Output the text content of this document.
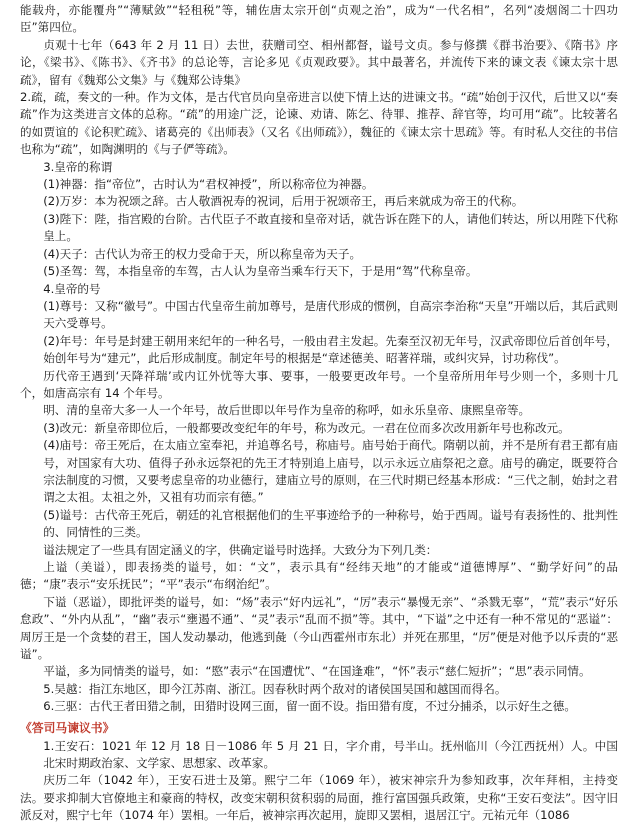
能载舟，亦能覆舟”“薄赋敛”“轻租税”等，辅佐唐太宗开创“贞观之治”，成为“一代名相”，名列“凌烟阁二十四功臣”第四位。

贞观十七年（643 年 2 月 11 日）去世，获赠司空、相州都督，谥号文贞。参与修撰《群书治要》、《隋书》序论，《梁书》、《陈书》、《齐书》的总论等，言论多见《贞观政要》。其中最著名，并流传下来的谏文表《谏太宗十思疏》，留有《魏郑公文集》与《魏郑公诗集》

2.疏，疏，奏文的一种。作为文体，是古代官员向皇帝进言以使下情上达的进谏文书。“疏”始创于汉代，后世又以“奏疏”作为这类进言文体的总称。“疏”的用途广泛，论谏、劝请、陈乞、待罪、推荐、辞官等，均可用“疏”。比较著名的如贾谊的《论积贮疏》、诸葛亮的《出师表》（又名《出师疏》），魏征的《谏太宗十思疏》等。有时私人交往的书信也称为“疏”，如陶渊明的《与子俨等疏》。

3.皇帝的称谓

(1)神器：指“帝位”，古时认为“君权神授”，所以称帝位为神器。

(2)万岁：本为祝颂之辞。古人敬酒祝寿的祝词，后用于祝颂帝王，再后来就成为帝王的代称。

(3)陛下：陛，指宫殿的台阶。古代臣子不敢直接和皇帝对话，就告诉在陛下的人，请他们转达，所以用陛下代称皇上。

(4)天子：古代认为帝王的权力受命于天，所以称皇帝为天子。

(5)圣驾：驾，本指皇帝的车驾，古人认为皇帝当乘车行天下，于是用“驾”代称皇帝。

4.皇帝的号

(1)尊号：又称“徽号”。中国古代皇帝生前加尊号，是唐代形成的惯例，自高宗李治称“天皇”开端以后，其后武则天六受尊号。

(2)年号：年号是封建王朝用来纪年的一种名号，一般由君主发起。先秦至汉初无年号，汉武帝即位后首创年号，始创年号为“建元”，此后形成制度。制定年号的根据是“章述德美、昭著祥瑞，或纠灾异，讨功称伐”。

历代帝王遇到‘天降祥瑞’或内讧外忧等大事、要事，一般要更改年号。一个皇帝所用年号少则一个，多则十几个，如唐高宗有 14 个年号。

明、清的皇帝大多一人一个年号，故后世即以年号作为皇帝的称呼，如永乐皇帝、康熙皇帝等。

(3)改元：新皇帝即位后，一般都要改变纪年的年号，称为改元。一君在位而多次改用新年号也称改元。

(4)庙号：帝王死后，在太庙立室奉祀，并追尊名号，称庙号。庙号始于商代。隋朝以前，并不是所有君王都有庙号，对国家有大功、值得子孙永远祭祀的先王才特别追上庙号，以示永远立庙祭祀之意。庙号的确定，既要符合宗法制度的习惯，又要考虑皇帝的功业德行，建庙立号的原则，在三代时期已经基本形成：“三代之制，始封之君谓之太祖。太祖之外，又祖有功而宗有德。”

(5)谥号：古代帝王死后，朝廷的礼官根据他们的生平事迹给予的一种称号，始于西周。谥号有表扬性的、批判性的、同情性的三类。

谥法规定了一些具有固定涵义的字，供确定谥号时选择。大致分为下列几类：

上谥（美谥），即表扬类的谥号，如：“文”，表示具有“经纬天地”的才能或“道德博厚”、“勤学好问”的品德；“康”表示“安乐抚民”；“平”表示“布纲治纪”。

下谥（恶谥），即批评类的谥号，如：“炀”表示“好内远礼”，“厉”表示“暴慢无亲”、“杀戮无辜”，“荒”表示“好乐怠政”、“外内从乱”，“幽”表示“壅遏不通”、“灵”表示“乱而不损”等。其中，“下谥”之中还有一种不常见的“恶谥”：周厉王是一个贪婪的君王，国人发动暴动，他逃到彘（今山西霍州市东北）并死在那里，“厉”便是对他予以斥责的“恶谥”。

平谥，多为同情类的谥号，如：“愍”表示“在国遭忧”、“在国逢难”，“怀”表示“慈仁短折”；“思”表示同情。

5.吴越：指江东地区，即今江苏南、浙江。因春秋时两个敌对的诸侯国吴国和越国而得名。

6.三驱：古代王者田猎之制，田猎时设网三面，留一面不设。指田猎有度，不过分捕杀，以示好生之德。

《答司马谏议书》

1.王安石：1021 年 12 月 18 日－1086 年 5 月 21 日，字介甫，号半山。抚州临川（今江西抚州）人。中国北宋时期政治家、文学家、思想家、改革家。

庆历二年（1042 年），王安石进士及第。熙宁二年（1069 年），被宋神宗升为参知政事，次年拜相，主持变法。要求抑制大官僚地主和豪商的特权，改变宋朝积贫积弱的局面，推行富国强兵政策，史称“王安石变法”。因守旧派反对，熙宁七年（1074 年）罢相。一年后，被神宗再次起用，旋即又罢相，退居江宁。元祐元年（1086
